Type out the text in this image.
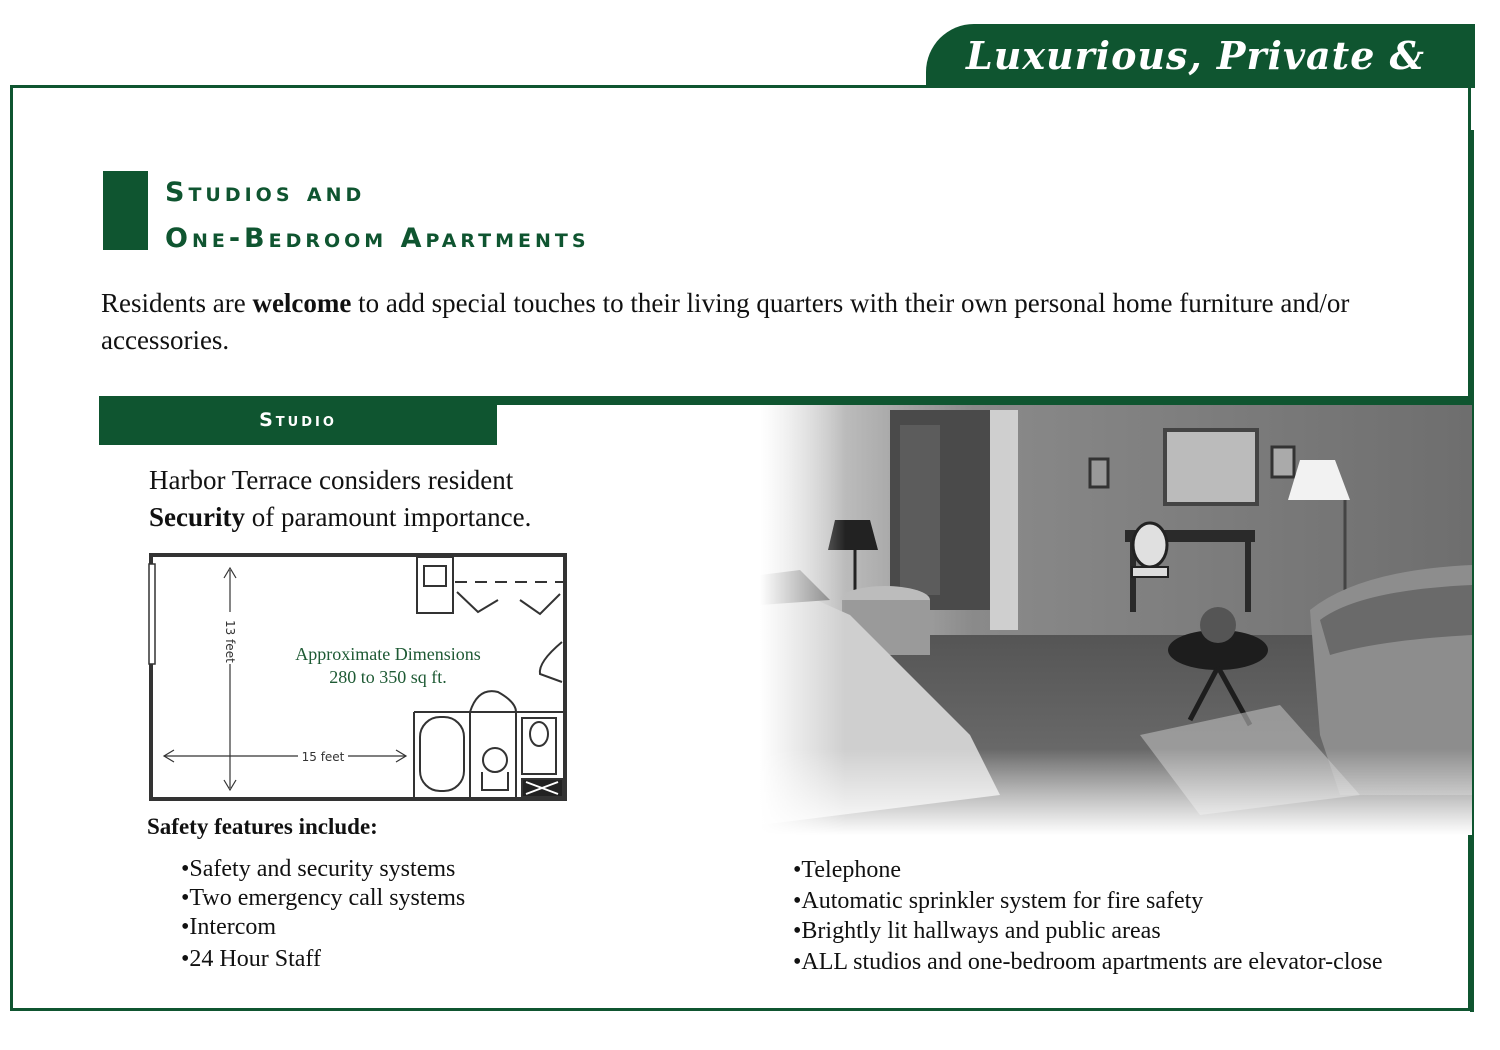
Luxurious, Private & Safe
Studios and
One-Bedroom Apartments

Residents are welcome to add special touches to their living quarters with their own personal home furniture and/or accessories.

Studio
Harbor Terrace considers resident
Security of paramount importance.
13 feet
15 feet
Approximate Dimensions
280 to 350 sq ft.
Safety features include:
•Safety and security systems
•Two emergency call systems
•Intercom
•24 Hour Staff
•Telephone
•Automatic sprinkler system for fire safety
•Brightly lit hallways and public areas
•ALL studios and one-bedroom apartments are elevator-close
